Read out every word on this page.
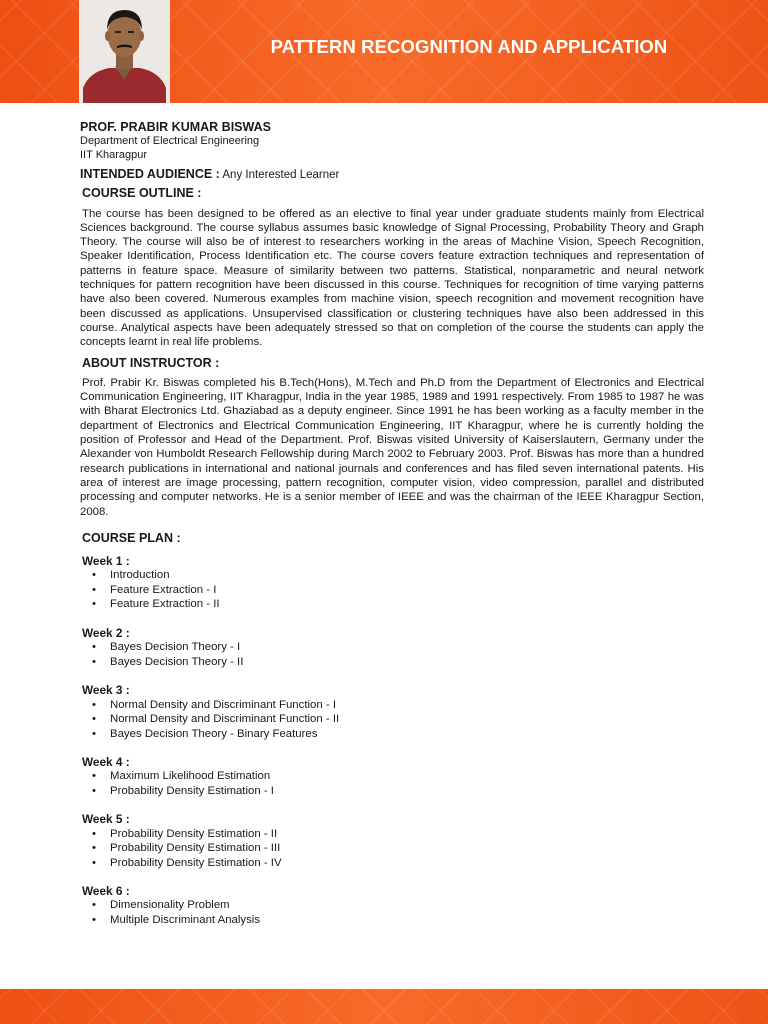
PATTERN RECOGNITION AND APPLICATION
PROF. PRABIR KUMAR BISWAS
Department of Electrical Engineering
IIT Kharagpur
INTENDED AUDIENCE : Any Interested Learner
COURSE OUTLINE :

The course has been designed to be offered as an elective to final year under graduate students mainly from Electrical Sciences background. The course syllabus assumes basic knowledge of Signal Processing, Probability Theory and Graph Theory. The course will also be of interest to researchers working in the areas of Machine Vision, Speech Recognition, Speaker Identification, Process Identification etc. The course covers feature extraction techniques and representation of patterns in feature space. Measure of similarity between two patterns. Statistical, nonparametric and neural network techniques for pattern recognition have been discussed in this course. Techniques for recognition of time varying patterns have also been covered. Numerous examples from machine vision, speech recognition and movement recognition have been discussed as applications. Unsupervised classification or clustering techniques have also been addressed in this course. Analytical aspects have been adequately stressed so that on completion of the course the students can apply the concepts learnt in real life problems.

ABOUT INSTRUCTOR :

Prof. Prabir Kr. Biswas completed his B.Tech(Hons), M.Tech and Ph.D from the Department of Electronics and Electrical Communication Engineering, IIT Kharagpur, India in the year 1985, 1989 and 1991 respectively. From 1985 to 1987 he was with Bharat Electronics Ltd. Ghaziabad as a deputy engineer. Since 1991 he has been working as a faculty member in the department of Electronics and Electrical Communication Engineering, IIT Kharagpur, where he is currently holding the position of Professor and Head of the Department. Prof. Biswas visited University of Kaiserslautern, Germany under the Alexander von Humboldt Research Fellowship during March 2002 to February 2003. Prof. Biswas has more than a hundred research publications in international and national journals and conferences and has filed seven international patents. His area of interest are image processing, pattern recognition, computer vision, video compression, parallel and distributed processing and computer networks. He is a senior member of IEEE and was the chairman of the IEEE Kharagpur Section, 2008.

COURSE PLAN :
Week 1 :
• Introduction
• Feature Extraction - I
• Feature Extraction - II
Week 2 :
• Bayes Decision Theory - I
• Bayes Decision Theory - II
Week 3 :
• Normal Density and Discriminant Function - I
• Normal Density and Discriminant Function - II
• Bayes Decision Theory - Binary Features
Week 4 :
• Maximum Likelihood Estimation
• Probability Density Estimation - I
Week 5 :
• Probability Density Estimation - II
• Probability Density Estimation - III
• Probability Density Estimation - IV
Week 6 :
• Dimensionality Problem
• Multiple Discriminant Analysis
